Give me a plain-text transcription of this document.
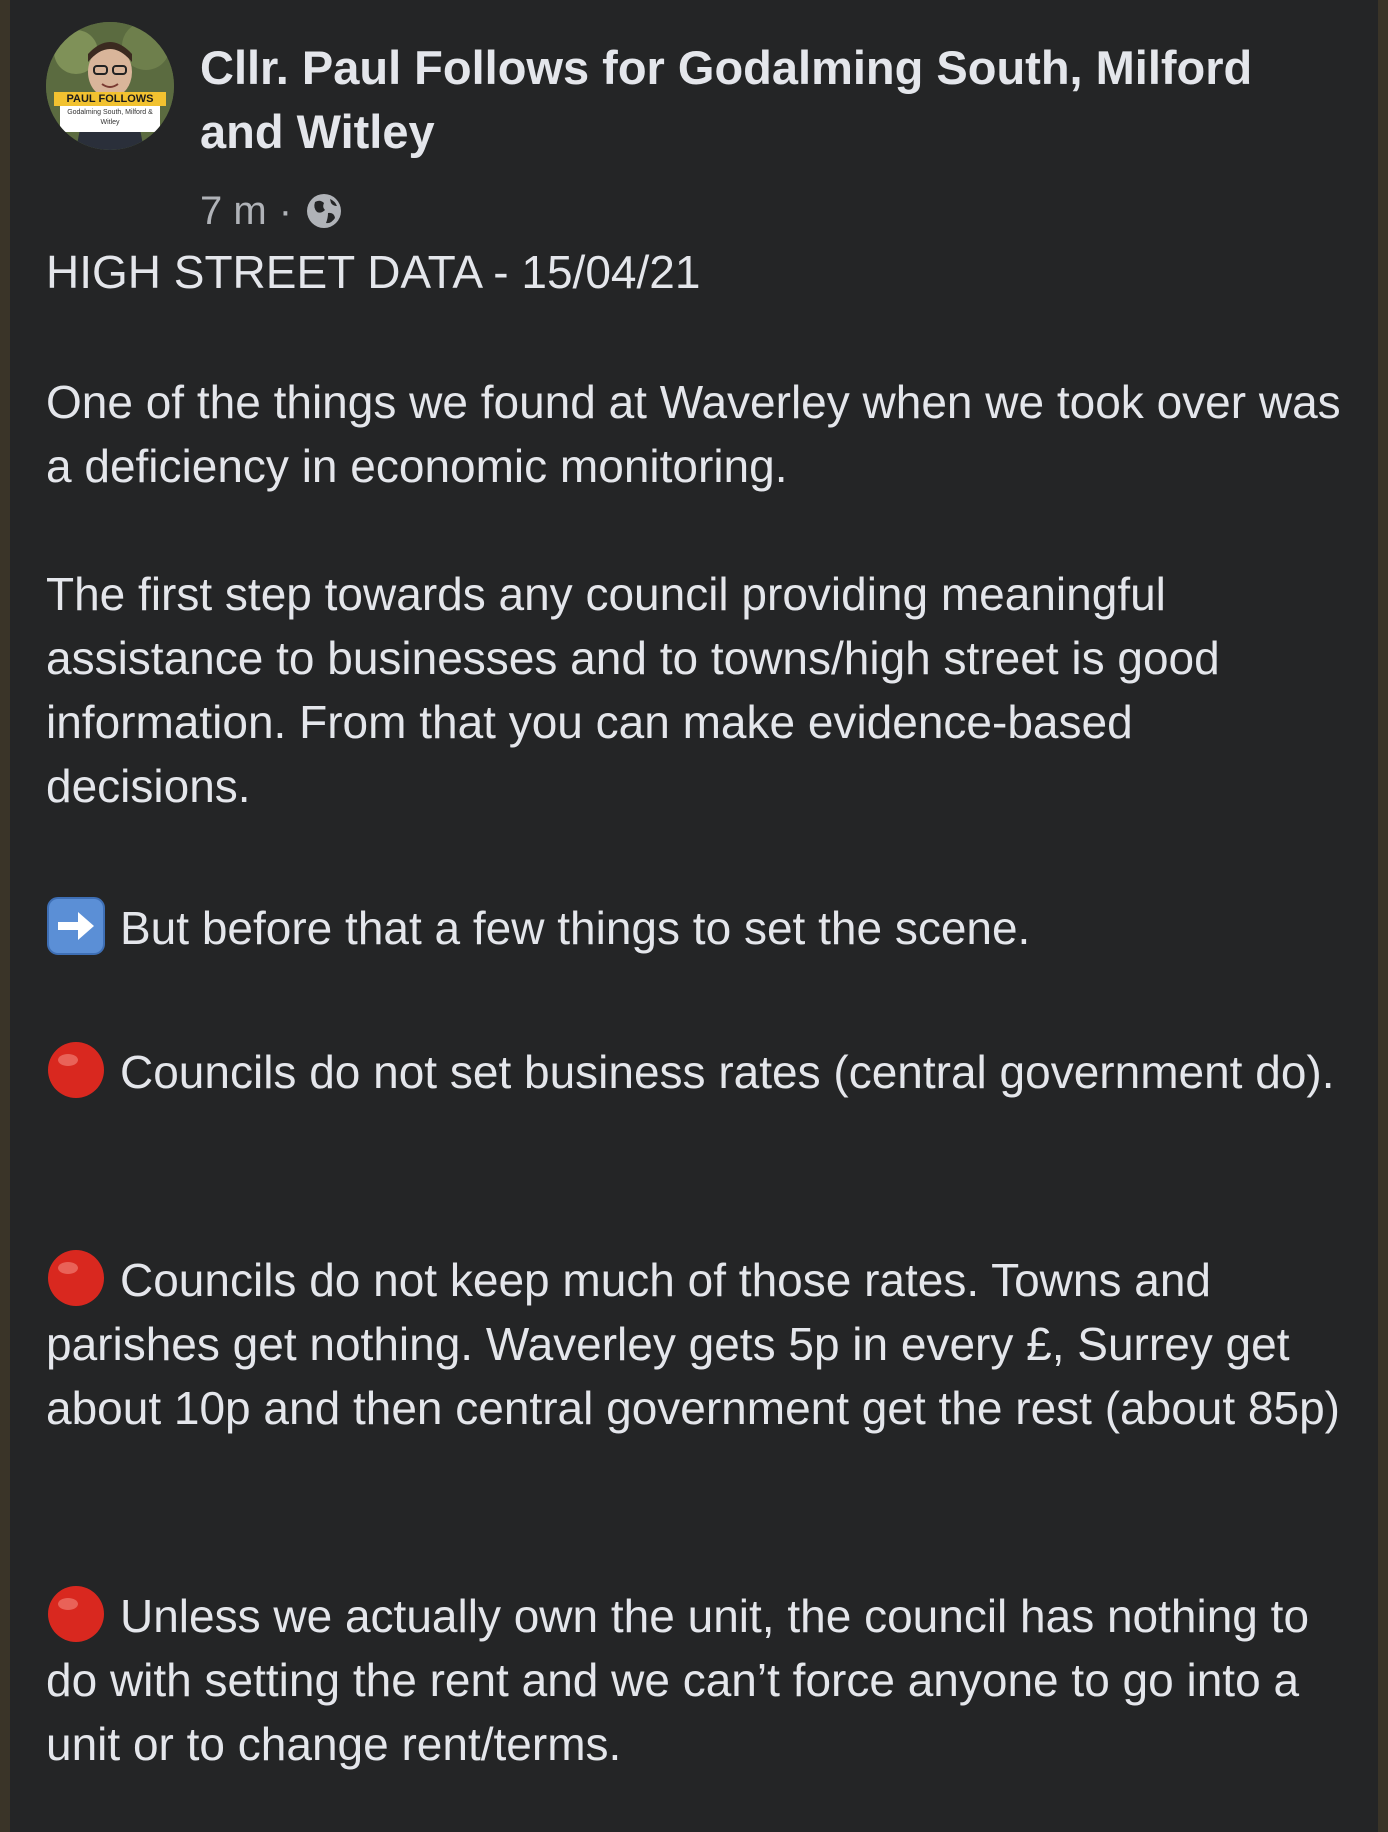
PAUL FOLLOWS
Godalming South, Milford & Witley
Cllr. Paul Follows for Godalming South, Milford and Witley
7 m ·

HIGH STREET DATA - 15/04/21

One of the things we found at Waverley when we took over was a deficiency in economic monitoring.

The first step towards any council providing meaningful assistance to businesses and to towns/high street is good information. From that you can make evidence-based decisions.

But before that a few things to set the scene.

Councils do not set business rates (central government do).

Councils do not keep much of those rates. Towns and parishes get nothing. Waverley gets 5p in every £, Surrey get about 10p and then central government get the rest (about 85p)

Unless we actually own the unit, the council has nothing to do with setting the rent and we can’t force anyone to go into a unit or to change rent/terms.
